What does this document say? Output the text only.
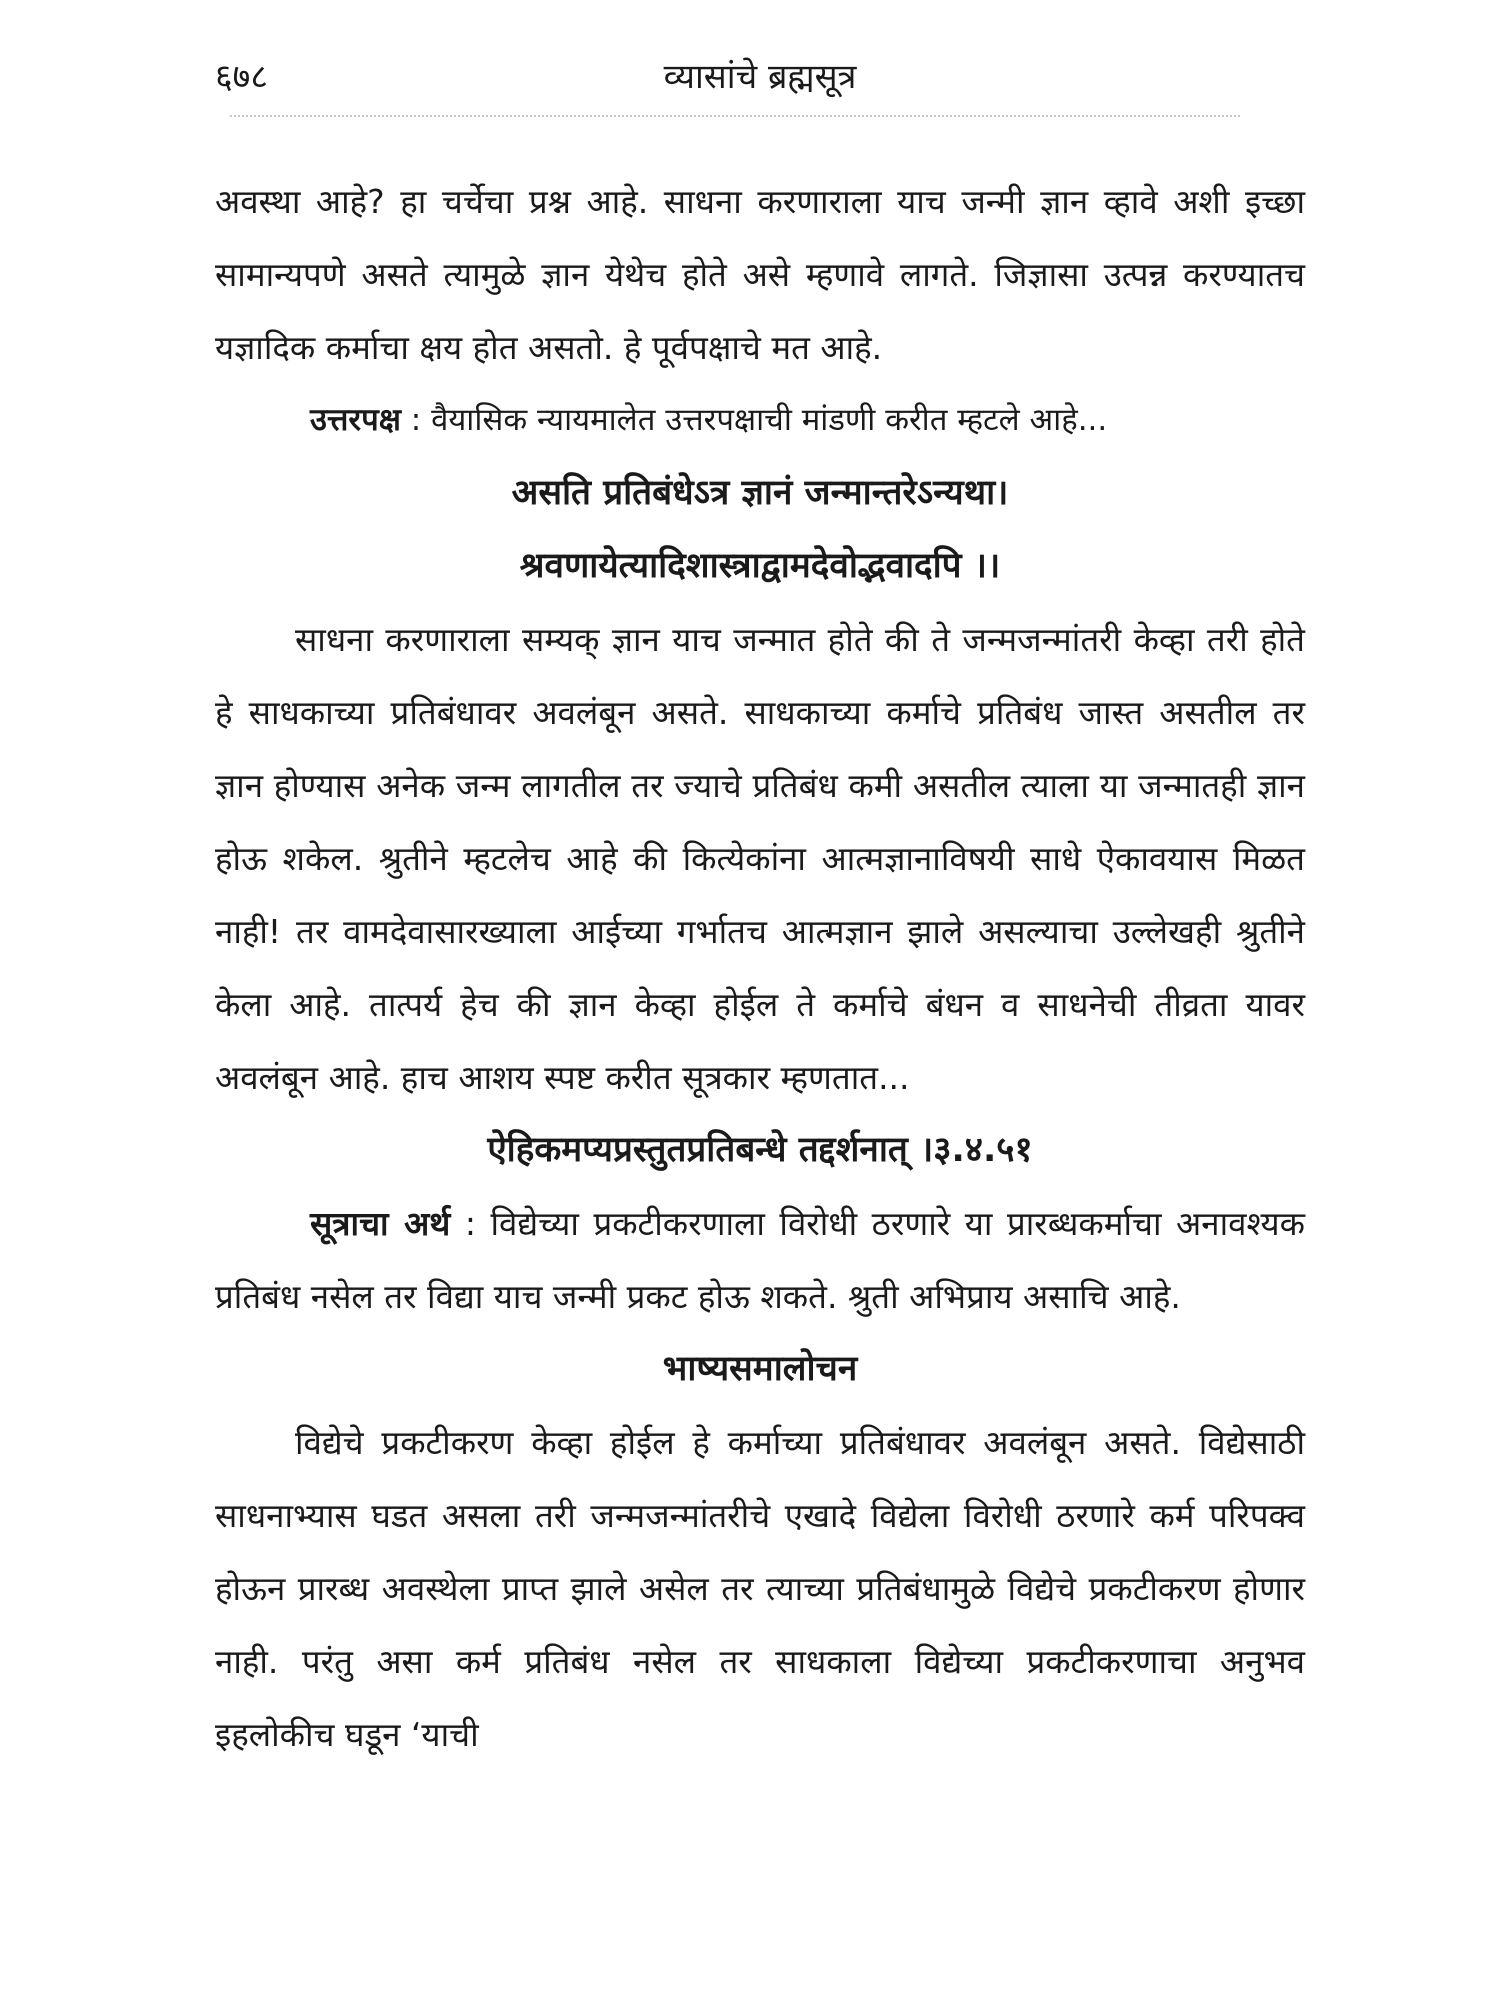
६७८	व्यासांचे ब्रह्मसूत्र

अवस्था आहे? हा चर्चेचा प्रश्न आहे. साधना करणाराला याच जन्मी ज्ञान व्हावे अशी इच्छा सामान्यपणे असते त्यामुळे ज्ञान येथेच होते असे म्हणावे लागते. जिज्ञासा उत्पन्न करण्यातच यज्ञादिक कर्माचा क्षय होत असतो. हे पूर्वपक्षाचे मत आहे.

उत्तरपक्ष : वैयासिक न्यायमालेत उत्तरपक्षाची मांडणी करीत म्हटले आहे...

असति प्रतिबंधेऽत्र ज्ञानं जन्मान्तरेऽन्यथा।

श्रवणायेत्यादिशास्त्राद्वामदेवोद्भवादपि ।।

साधना करणाराला सम्यक् ज्ञान याच जन्मात होते की ते जन्मजन्मांतरी केव्हा तरी होते हे साधकाच्या प्रतिबंधावर अवलंबून असते. साधकाच्या कर्माचे प्रतिबंध जास्त असतील तर ज्ञान होण्यास अनेक जन्म लागतील तर ज्याचे प्रतिबंध कमी असतील त्याला या जन्मातही ज्ञान होऊ शकेल. श्रुतीने म्हटलेच आहे की कित्येकांना आत्मज्ञानाविषयी साधे ऐकावयास मिळत नाही! तर वामदेवासारख्याला आईच्या गर्भातच आत्मज्ञान झाले असल्याचा उल्लेखही श्रुतीने केला आहे. तात्पर्य हेच की ज्ञान केव्हा होईल ते कर्माचे बंधन व साधनेची तीव्रता यावर अवलंबून आहे. हाच आशय स्पष्ट करीत सूत्रकार म्हणतात...

ऐहिकमप्यप्रस्तुतप्रतिबन्धे तद्दर्शनात् ।३.४.५१

सूत्राचा अर्थ : विद्येच्या प्रकटीकरणाला विरोधी ठरणारे या प्रारब्धकर्माचा अनावश्यक प्रतिबंध नसेल तर विद्या याच जन्मी प्रकट होऊ शकते. श्रुती अभिप्राय असाचि आहे.

भाष्यसमालोचन

विद्येचे प्रकटीकरण केव्हा होईल हे कर्माच्या प्रतिबंधावर अवलंबून असते. विद्येसाठी साधनाभ्यास घडत असला तरी जन्मजन्मांतरीचे एखादे विद्येला विरोधी ठरणारे कर्म परिपक्व होऊन प्रारब्ध अवस्थेला प्राप्त झाले असेल तर त्याच्या प्रतिबंधामुळे विद्येचे प्रकटीकरण होणार नाही. परंतु असा कर्म प्रतिबंध नसेल तर साधकाला विद्येच्या प्रकटीकरणाचा अनुभव इहलोकीच घडून ‘याची
